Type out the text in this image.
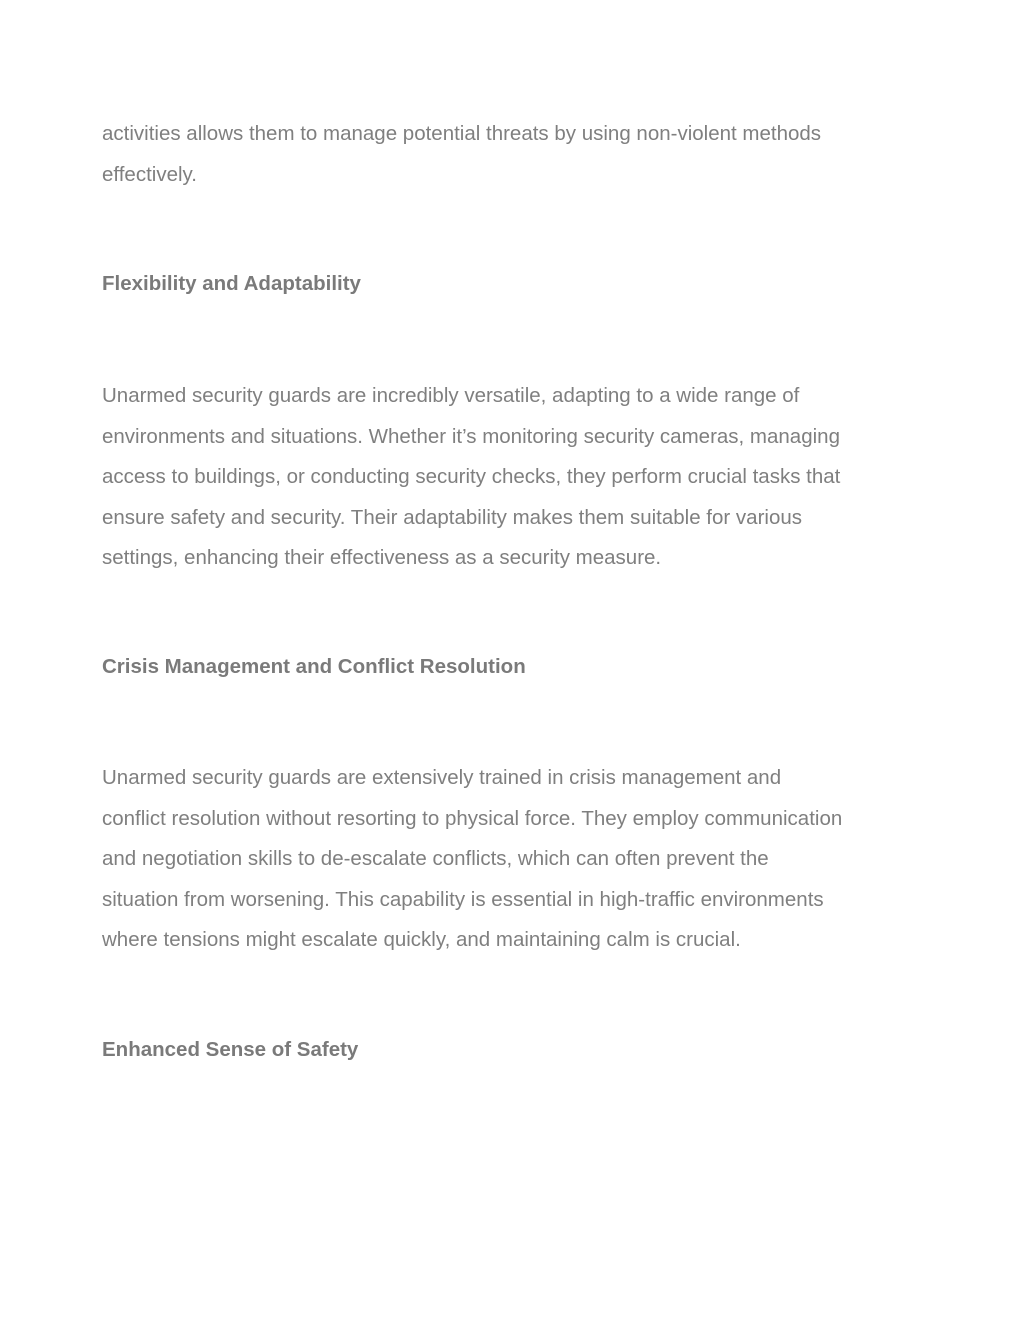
activities allows them to manage potential threats by using non-violent methods
effectively.

Flexibility and Adaptability

Unarmed security guards are incredibly versatile, adapting to a wide range of
environments and situations. Whether it’s monitoring security cameras, managing
access to buildings, or conducting security checks, they perform crucial tasks that
ensure safety and security. Their adaptability makes them suitable for various
settings, enhancing their effectiveness as a security measure.

Crisis Management and Conflict Resolution

Unarmed security guards are extensively trained in crisis management and
conflict resolution without resorting to physical force. They employ communication
and negotiation skills to de-escalate conflicts, which can often prevent the
situation from worsening. This capability is essential in high-traffic environments
where tensions might escalate quickly, and maintaining calm is crucial.

Enhanced Sense of Safety
